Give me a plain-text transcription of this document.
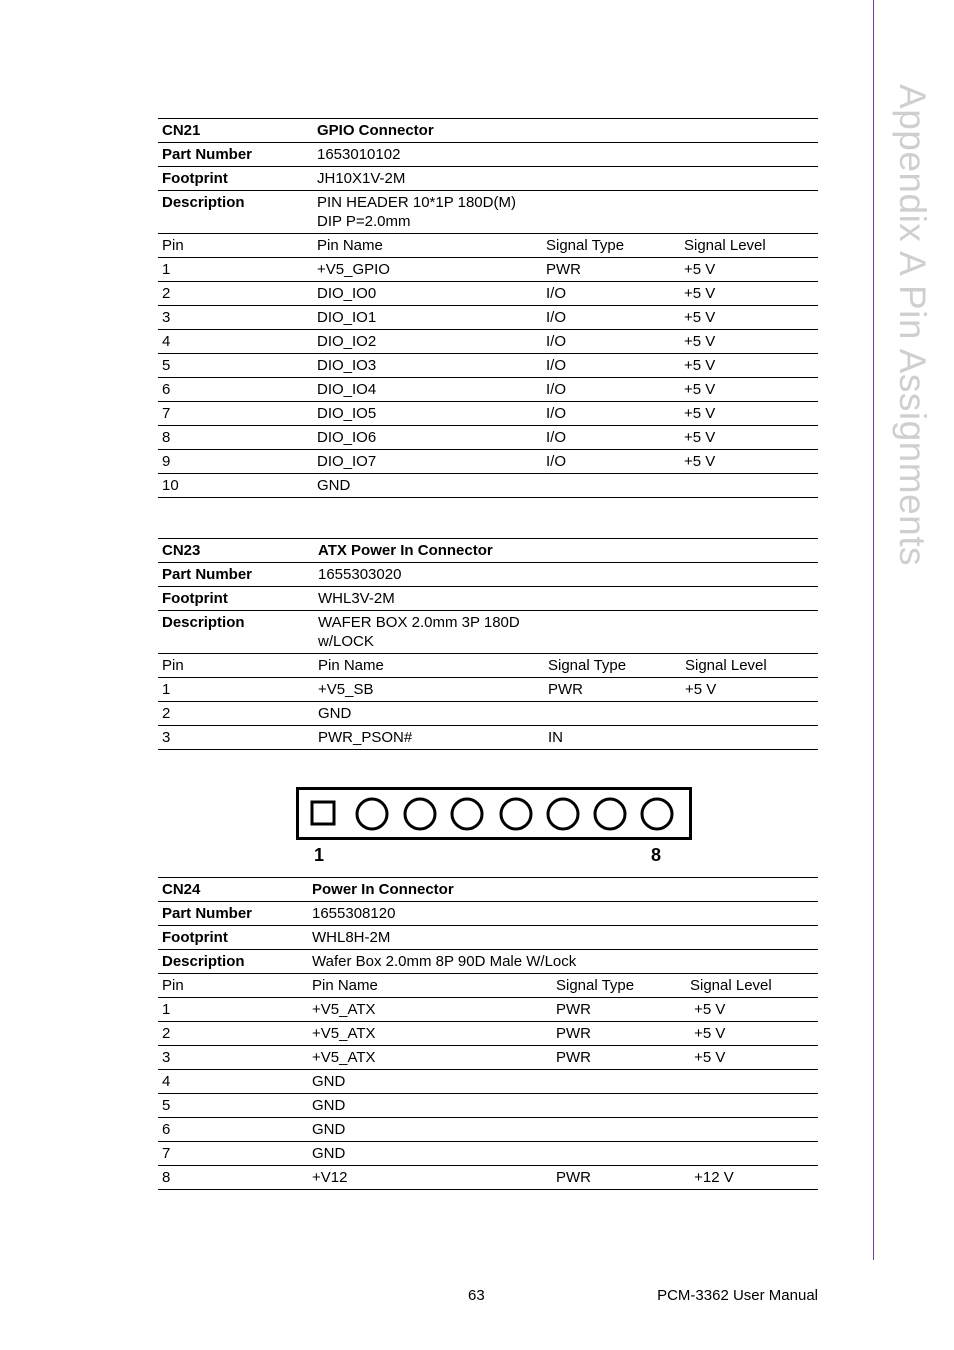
Appendix A Pin Assignments
CN21	GPIO Connector
Part Number	1653010102
Footprint	JH10X1V-2M
Description	PIN HEADER 10*1P 180D(M)
DIP P=2.0mm
Pin	Pin Name	Signal Type	Signal Level
1	+V5_GPIO	PWR	+5 V
2	DIO_IO0	I/O	+5 V
3	DIO_IO1	I/O	+5 V
4	DIO_IO2	I/O	+5 V
5	DIO_IO3	I/O	+5 V
6	DIO_IO4	I/O	+5 V
7	DIO_IO5	I/O	+5 V
8	DIO_IO6	I/O	+5 V
9	DIO_IO7	I/O	+5 V
10	GND
CN23	ATX Power In Connector
Part Number	1655303020
Footprint	WHL3V-2M
Description	WAFER BOX 2.0mm 3P 180D
w/LOCK
Pin	Pin Name	Signal Type	Signal Level
1	+V5_SB	PWR	+5 V
2	GND
3	PWR_PSON#	IN
1	8
CN24	Power In Connector
Part Number	1655308120
Footprint	WHL8H-2M
Description	Wafer Box 2.0mm 8P 90D Male W/Lock
Pin	Pin Name	Signal Type	Signal Level
1	+V5_ATX	PWR	+5 V
2	+V5_ATX	PWR	+5 V
3	+V5_ATX	PWR	+5 V
4	GND
5	GND
6	GND
7	GND
8	+V12	PWR	+12 V
63	PCM-3362 User Manual
